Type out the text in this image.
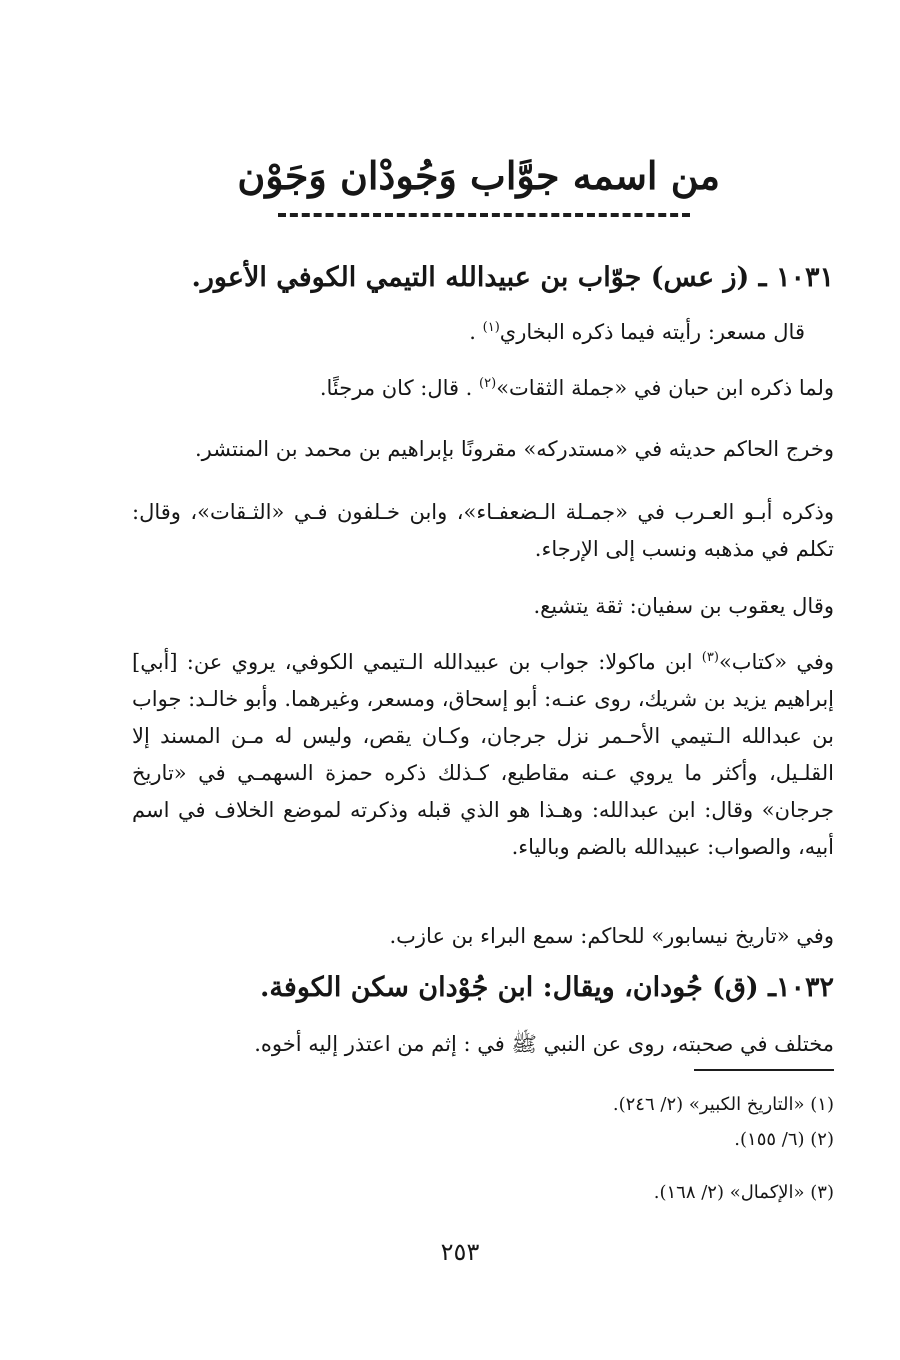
من اسمه جوَّاب وَجُودْان وَجَوْن
١٠٣١ ـ (ز عس) جوّاب بن عبيدالله التيمي الكوفي الأعور.
قال مسعر: رأيته فيما ذكره البخاري$^{(١)}$ .
ولما ذكره ابن حبان في «جملة الثقات»$^{(٢)}$ . قال: كان مرجئًا.
وخرج الحاكم حديثه في «مستدركه» مقرونًا بإبراهيم بن محمد بن المنتشر.
وذكره أبـو العـرب في «جمـلة الـضعفـاء»، وابن خـلفون فـي «الثـقات»، وقال: تكلم في مذهبه ونسب إلى الإرجاء.
وقال يعقوب بن سفيان: ثقة يتشيع.
وفي «كتاب»$^{(٣)}$ ابن ماكولا: جواب بن عبيدالله الـتيمي الكوفي، يروي عن: [أبي] إبراهيم يزيد بن شريك، روى عنـه: أبو إسحاق، ومسعر، وغيرهما. وأبو خالـد: جواب بن عبدالله الـتيمي الأحـمر نزل جرجان، وكـان يقص، وليس له مـن المسند إلا القلـيل، وأكثر ما يروي عـنه مقاطيع، كـذلك ذكره حمزة السهمـي في «تاريخ جرجان» وقال: ابن عبدالله: وهـذا هو الذي قبله وذكرته لموضع الخلاف في اسم أبيه، والصواب: عبيدالله بالضم وبالياء.
وفي «تاريخ نيسابور» للحاكم: سمع البراء بن عازب.
١٠٣٢ـ (ق) جُودان، ويقال: ابن جُوْدان سكن الكوفة.
مختلف في صحبته، روى عن النبي ﷺ في : إثم من اعتذر إليه أخوه.
(١) «التاريخ الكبير» (٢/ ٢٤٦).
(٢) (٦/ ١٥٥).
(٣) «الإكمال» (٢/ ١٦٨).
٢٥٣
